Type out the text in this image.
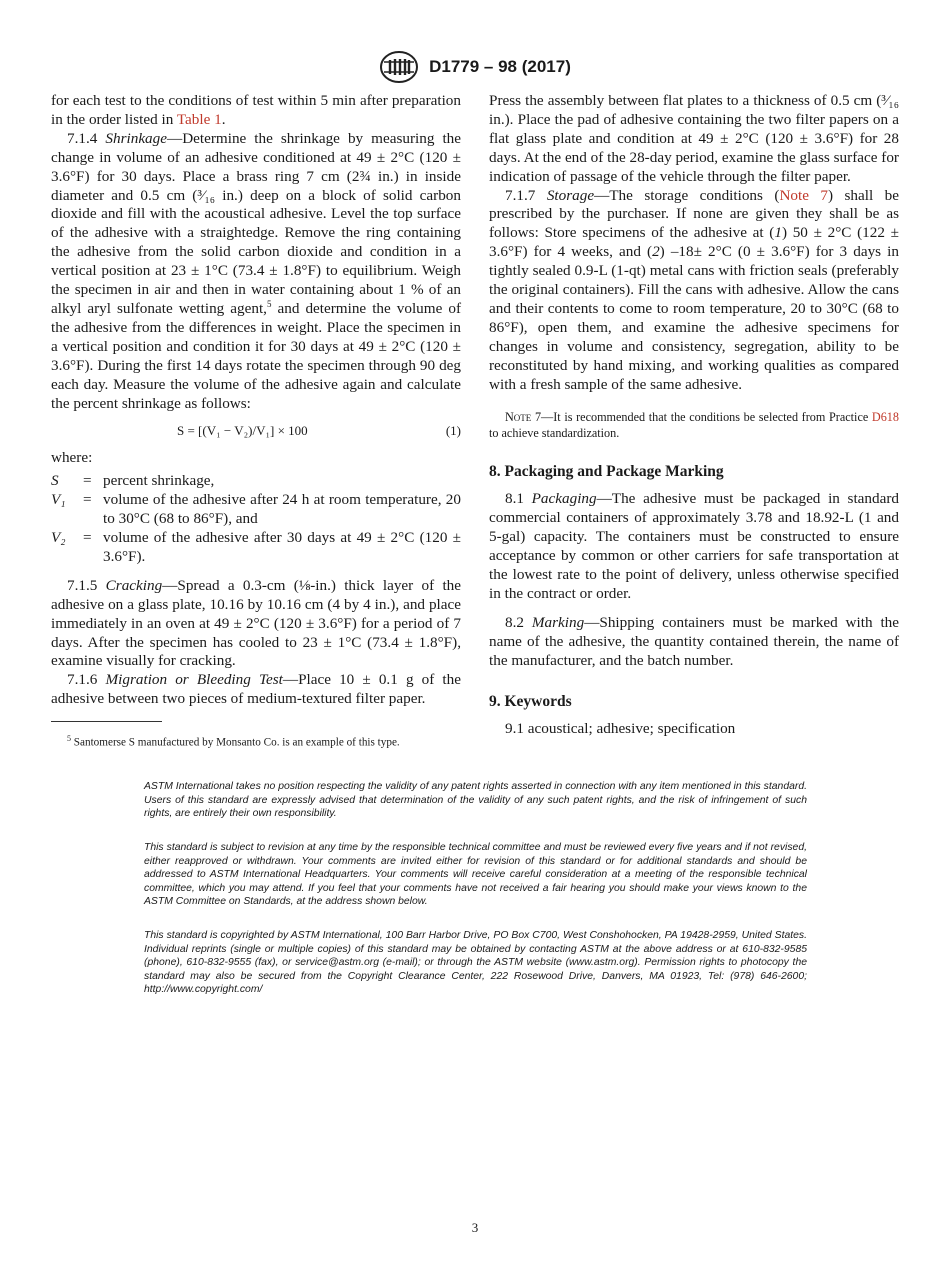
D1779 – 98 (2017)

for each test to the conditions of test within 5 min after preparation in the order listed in Table 1.

7.1.4 Shrinkage—Determine the shrinkage by measuring the change in volume of an adhesive conditioned at 49 ± 2°C (120 ± 3.6°F) for 30 days. Place a brass ring 7 cm (2¾ in.) in inside diameter and 0.5 cm (³⁄₁₆ in.) deep on a block of solid carbon dioxide and fill with the acoustical adhesive. Level the top surface of the adhesive with a straightedge. Remove the ring containing the adhesive from the solid carbon dioxide and condition in a vertical position at 23 ± 1°C (73.4 ± 1.8°F) to equilibrium. Weigh the specimen in air and then in water containing about 1 % of an alkyl aryl sulfonate wetting agent,$^5$ and determine the volume of the adhesive from the differences in weight. Place the specimen in a vertical position and condition it for 30 days at 49 ± 2°C (120 ± 3.6°F). During the first 14 days rotate the specimen through 90 deg each day. Measure the volume of the adhesive again and calculate the percent shrinkage as follows:

S = [(V₁ − V₂)/V₁] × 100	(1)

where:

S	= percent shrinkage,
V₁	= volume of the adhesive after 24 h at room temperature, 20 to 30°C (68 to 86°F), and
V₂	= volume of the adhesive after 30 days at 49 ± 2°C (120 ± 3.6°F).

7.1.5 Cracking—Spread a 0.3-cm (⅛-in.) thick layer of the adhesive on a glass plate, 10.16 by 10.16 cm (4 by 4 in.), and place immediately in an oven at 49 ± 2°C (120 ± 3.6°F) for a period of 7 days. After the specimen has cooled to 23 ± 1°C (73.4 ± 1.8°F), examine visually for cracking.

7.1.6 Migration or Bleeding Test—Place 10 ± 0.1 g of the adhesive between two pieces of medium-textured filter paper.

$^5$ Santomerse S manufactured by Monsanto Co. is an example of this type.

Press the assembly between flat plates to a thickness of 0.5 cm (³⁄₁₆ in.). Place the pad of adhesive containing the two filter papers on a flat glass plate and condition at 49 ± 2°C (120 ± 3.6°F) for 28 days. At the end of the 28-day period, examine the glass surface for indication of passage of the vehicle through the filter paper.

7.1.7 Storage—The storage conditions (Note 7) shall be prescribed by the purchaser. If none are given they shall be as follows: Store specimens of the adhesive at (1) 50 ± 2°C (122 ± 3.6°F) for 4 weeks, and (2) –18± 2°C (0 ± 3.6°F) for 3 days in tightly sealed 0.9-L (1-qt) metal cans with friction seals (preferably the original containers). Fill the cans with adhesive. Allow the cans and their contents to come to room temperature, 20 to 30°C (68 to 86°F), open them, and examine the adhesive specimens for changes in volume and consistency, segregation, ability to be reconstituted by hand mixing, and working qualities as compared with a fresh sample of the same adhesive.

Note 7—It is recommended that the conditions be selected from Practice D618 to achieve standardization.

8. Packaging and Package Marking

8.1 Packaging—The adhesive must be packaged in standard commercial containers of approximately 3.78 and 18.92-L (1 and 5-gal) capacity. The containers must be constructed to ensure acceptance by common or other carriers for safe transportation at the lowest rate to the point of delivery, unless otherwise specified in the contract or order.

8.2 Marking—Shipping containers must be marked with the name of the adhesive, the quantity contained therein, the name of the manufacturer, and the batch number.

9. Keywords

9.1 acoustical; adhesive; specification

ASTM International takes no position respecting the validity of any patent rights asserted in connection with any item mentioned in this standard. Users of this standard are expressly advised that determination of the validity of any such patent rights, and the risk of infringement of such rights, are entirely their own responsibility.

This standard is subject to revision at any time by the responsible technical committee and must be reviewed every five years and if not revised, either reapproved or withdrawn. Your comments are invited either for revision of this standard or for additional standards and should be addressed to ASTM International Headquarters. Your comments will receive careful consideration at a meeting of the responsible technical committee, which you may attend. If you feel that your comments have not received a fair hearing you should make your views known to the ASTM Committee on Standards, at the address shown below.

This standard is copyrighted by ASTM International, 100 Barr Harbor Drive, PO Box C700, West Conshohocken, PA 19428-2959, United States. Individual reprints (single or multiple copies) of this standard may be obtained by contacting ASTM at the above address or at 610-832-9585 (phone), 610-832-9555 (fax), or service@astm.org (e-mail); or through the ASTM website (www.astm.org). Permission rights to photocopy the standard may also be secured from the Copyright Clearance Center, 222 Rosewood Drive, Danvers, MA 01923, Tel: (978) 646-2600; http://www.copyright.com/

3
